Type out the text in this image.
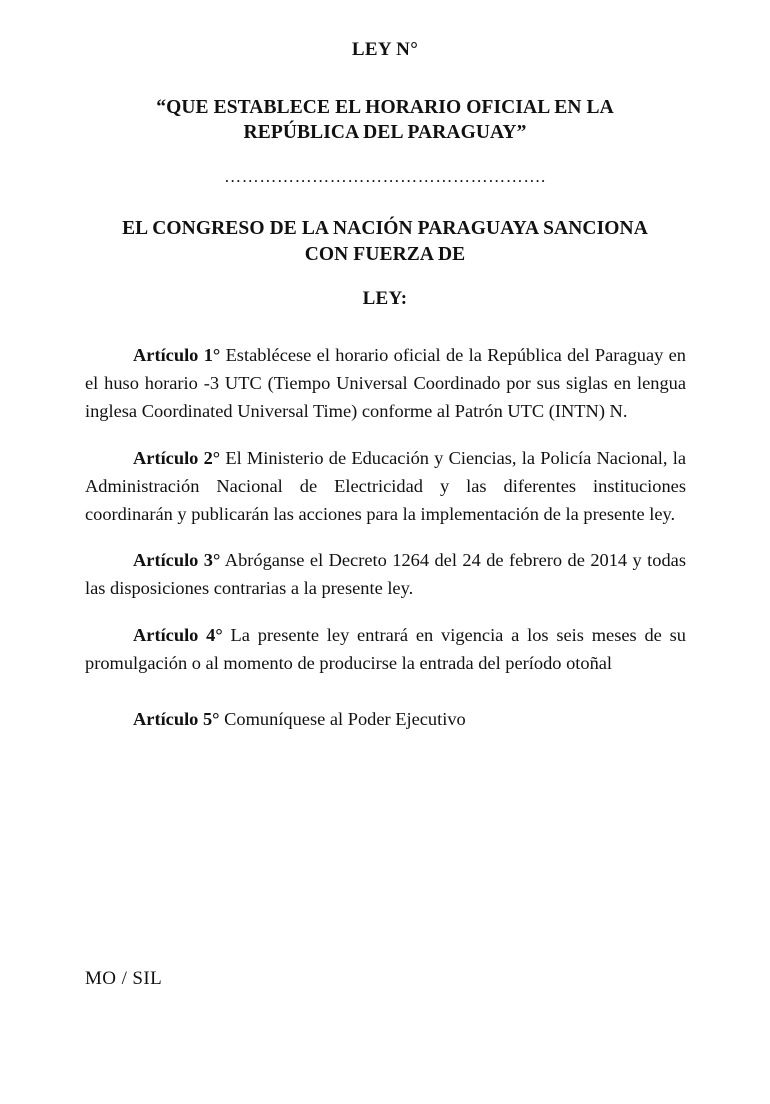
LEY N°
“QUE ESTABLECE EL HORARIO OFICIAL EN LA
REPÚBLICA DEL PARAGUAY”
……………………………………………….
EL CONGRESO DE LA NACIÓN PARAGUAYA SANCIONA
CON FUERZA DE
LEY:

Artículo 1° Establécese el horario oficial de la República del Paraguay en el huso horario -3 UTC (Tiempo Universal Coordinado por sus siglas en lengua inglesa Coordinated Universal Time) conforme al Patrón UTC (INTN) N.

Artículo 2° El Ministerio de Educación y Ciencias, la Policía Nacional, la Administración Nacional de Electricidad y las diferentes instituciones coordinarán y publicarán las acciones para la implementación de la presente ley.

Artículo 3° Abróganse el Decreto 1264 del 24 de febrero de 2014 y todas las disposiciones contrarias a la presente ley.

Artículo 4° La presente ley entrará en vigencia a los seis meses de su promulgación o al momento de producirse la entrada del período otoñal

Artículo 5° Comuníquese al Poder Ejecutivo

MO / SIL
